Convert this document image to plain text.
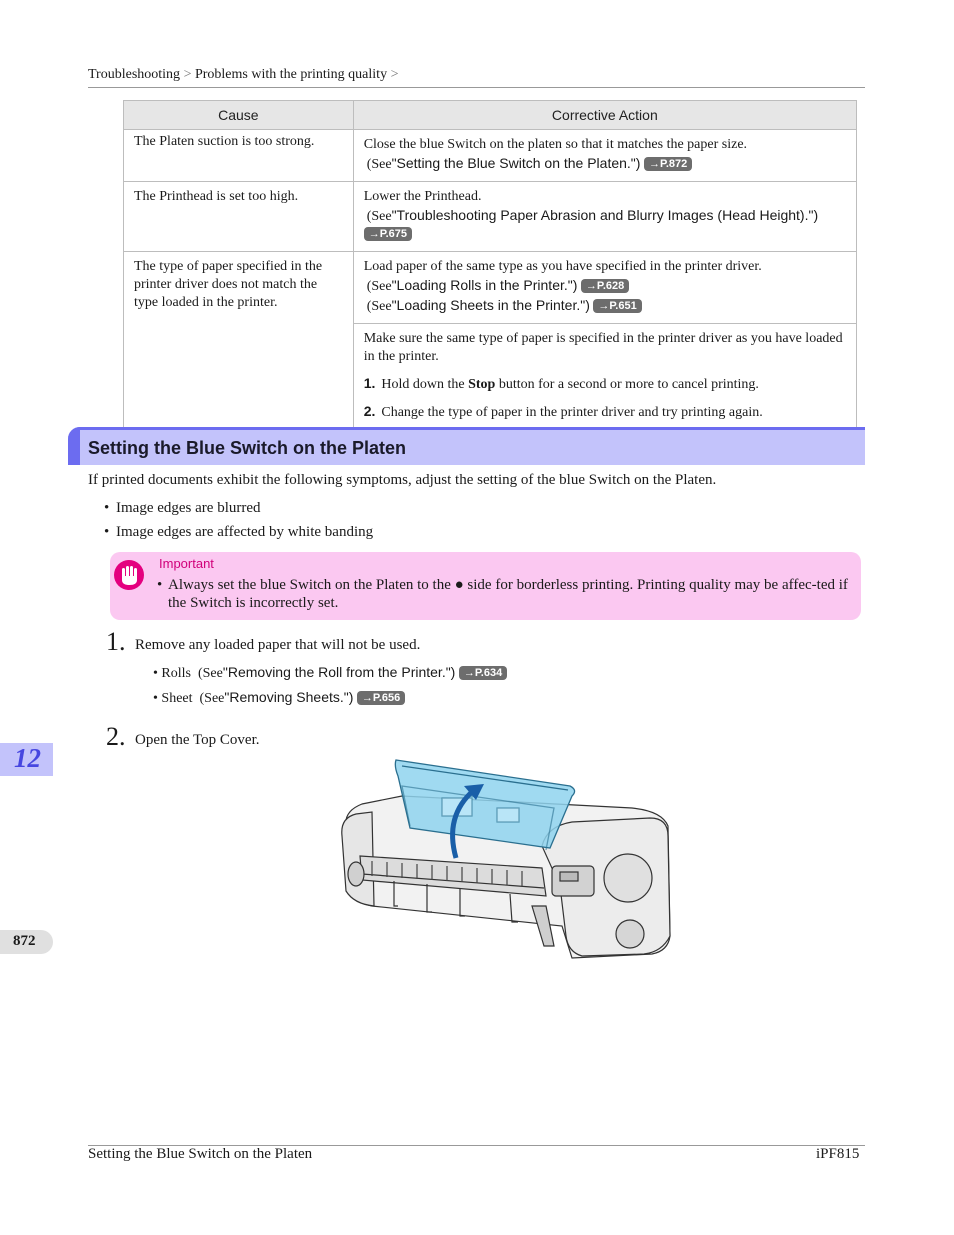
Troubleshooting > Problems with the printing quality >
Cause	Corrective Action
The Platen suction is too strong.	Close the blue Switch on the platen so that it matches the paper size.
(See"Setting the Blue Switch on the Platen.") →P.872

The Printhead is set too high.	Lower the Printhead.
(See"Troubleshooting Paper Abrasion and Blurry Images (Head Height).")
→P.675

The type of paper specified in the printer driver does not match the type loaded in the printer.	Load paper of the same type as you have specified in the printer driver.
(See"Loading Rolls in the Printer.") →P.628
(See"Loading Sheets in the Printer.") →P.651

	Make sure the same type of paper is specified in the printer driver as you have loaded in the printer.
1. Hold down the Stop button for a second or more to cancel printing.
2. Change the type of paper in the printer driver and try printing again.
Setting the Blue Switch on the Platen
If printed documents exhibit the following symptoms, adjust the setting of the blue Switch on the Platen.
• Image edges are blurred
• Image edges are affected by white banding
Important
• Always set the blue Switch on the Platen to the ● side for borderless printing. Printing quality may be affec-ted if the Switch is incorrectly set.
1. Remove any loaded paper that will not be used.
• Rolls (See"Removing the Roll from the Printer.") →P.634
• Sheet (See"Removing Sheets.") →P.656
2. Open the Top Cover.
12
872
Setting the Blue Switch on the Platen	iPF815
